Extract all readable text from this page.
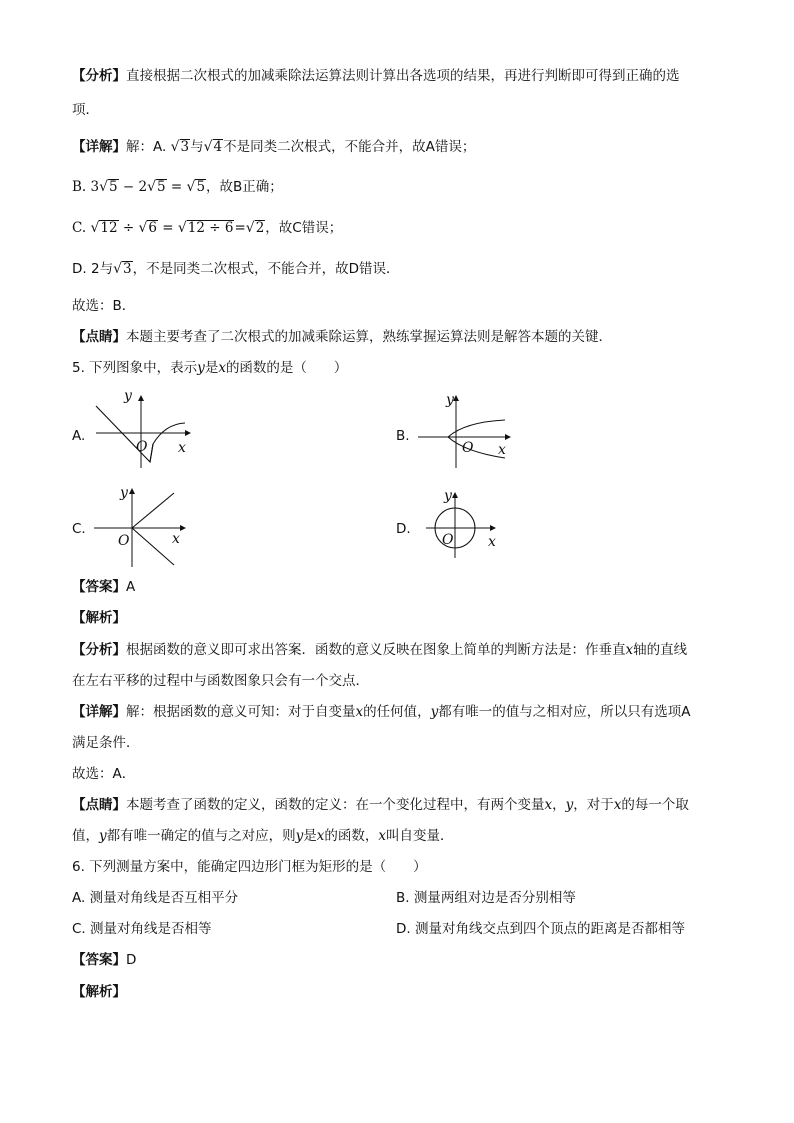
【分析】直接根据二次根式的加减乘除法运算法则计算出各选项的结果，再进行判断即可得到正确的选
项．
【详解】解：A. √3与√4不是同类二次根式，不能合并，故A错误；
B. 3√5 − 2√5 = √5，故B正确；
C. √12 ÷ √6 = √12 ÷ 6=√2，故C错误；
D. 2与√3，不是同类二次根式，不能合并，故D错误．
故选：B．
【点睛】本题主要考查了二次根式的加减乘除运算，熟练掌握运算法则是解答本题的关键．
5. 下列图象中，表示y是x的函数的是（　　）
A.	B.
C.	D.
y
O x
y
O x
y
O	x
y
O x
【答案】A
【解析】
【分析】根据函数的意义即可求出答案．函数的意义反映在图象上简单的判断方法是：作垂直x轴的直线
在左右平移的过程中与函数图象只会有一个交点．
【详解】解：根据函数的意义可知：对于自变量x的任何值，y都有唯一的值与之相对应，所以只有选项A
满足条件．
故选：A．
【点睛】本题考查了函数的定义，函数的定义：在一个变化过程中，有两个变量x，y，对于x的每一个取
值，y都有唯一确定的值与之对应，则y是x的函数，x叫自变量．
6. 下列测量方案中，能确定四边形门框为矩形的是（　　）
A. 测量对角线是否互相平分	B. 测量两组对边是否分别相等
C. 测量对角线是否相等	D. 测量对角线交点到四个顶点的距离是否都相等
【答案】D
【解析】
